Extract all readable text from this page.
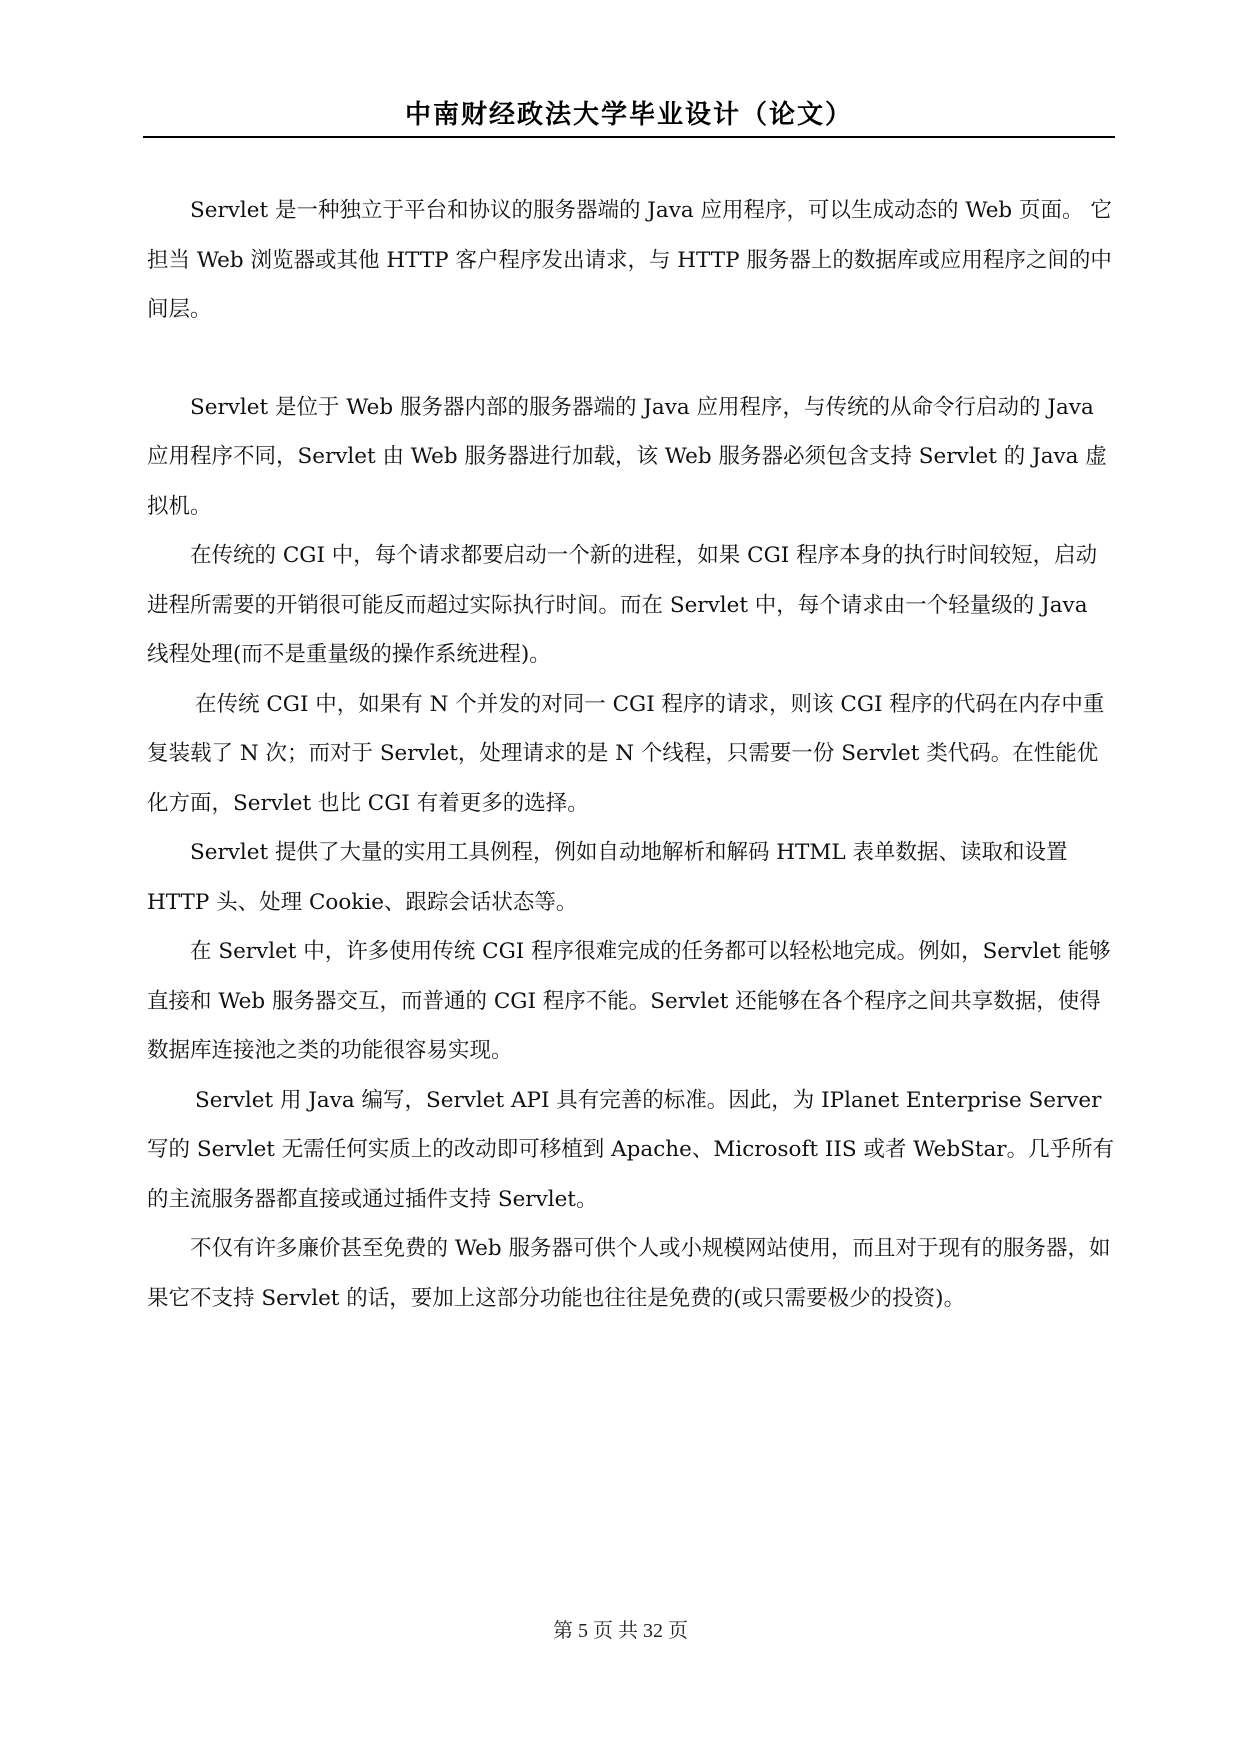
中南财经政法大学毕业设计（论文）

Servlet 是一种独立于平台和协议的服务器端的 Java 应用程序，可以生成动态的 Web 页面。 它担当 Web 浏览器或其他 HTTP 客户程序发出请求，与 HTTP 服务器上的数据库或应用程序之间的中间层。

Servlet 是位于 Web 服务器内部的服务器端的 Java 应用程序，与传统的从命令行启动的 Java 应用程序不同，Servlet 由 Web 服务器进行加载，该 Web 服务器必须包含支持 Servlet 的 Java 虚拟机。

在传统的 CGI 中，每个请求都要启动一个新的进程，如果 CGI 程序本身的执行时间较短，启动进程所需要的开销很可能反而超过实际执行时间。而在 Servlet 中，每个请求由一个轻量级的 Java 线程处理(而不是重量级的操作系统进程)。

在传统 CGI 中，如果有 N 个并发的对同一 CGI 程序的请求，则该 CGI 程序的代码在内存中重复装载了 N 次；而对于 Servlet，处理请求的是 N 个线程，只需要一份 Servlet 类代码。在性能优化方面，Servlet 也比 CGI 有着更多的选择。

Servlet 提供了大量的实用工具例程，例如自动地解析和解码 HTML 表单数据、读取和设置 HTTP 头、处理 Cookie、跟踪会话状态等。

在 Servlet 中，许多使用传统 CGI 程序很难完成的任务都可以轻松地完成。例如，Servlet 能够直接和 Web 服务器交互，而普通的 CGI 程序不能。Servlet 还能够在各个程序之间共享数据，使得数据库连接池之类的功能很容易实现。

Servlet 用 Java 编写，Servlet API 具有完善的标准。因此，为 IPlanet Enterprise Server 写的 Servlet 无需任何实质上的改动即可移植到 Apache、Microsoft IIS 或者 WebStar。几乎所有的主流服务器都直接或通过插件支持 Servlet。

不仅有许多廉价甚至免费的 Web 服务器可供个人或小规模网站使用，而且对于现有的服务器，如果它不支持 Servlet 的话，要加上这部分功能也往往是免费的(或只需要极少的投资)。

第 5 页 共 32 页
